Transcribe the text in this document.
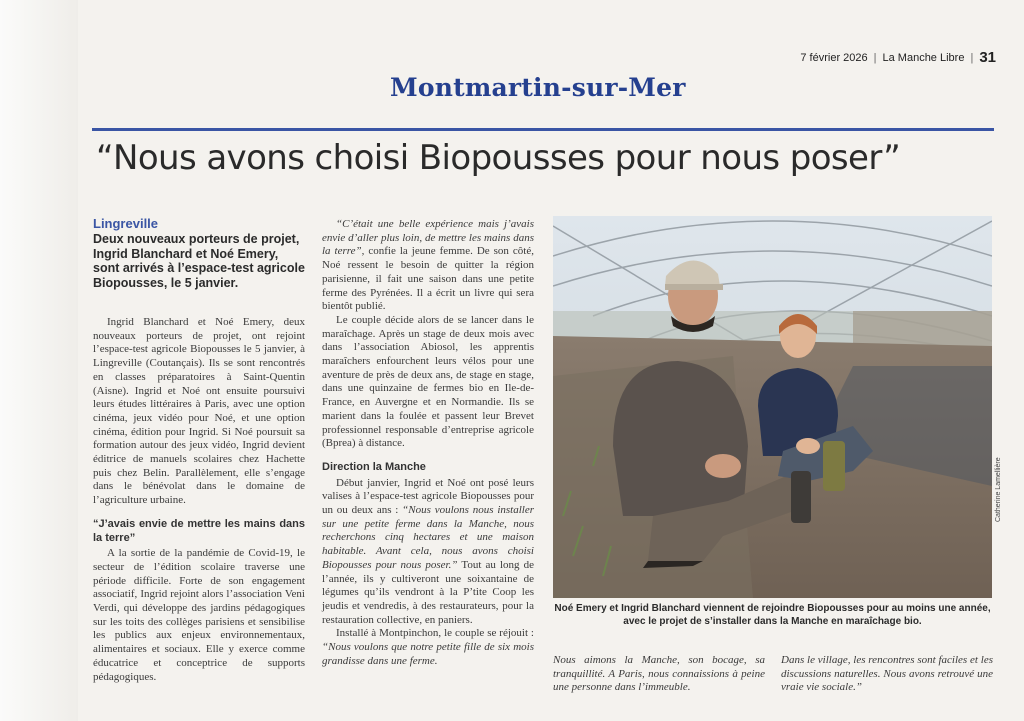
7 février 2026 | La Manche Libre | 31
Montmartin-sur-Mer
“Nous avons choisi Biopousses pour nous poser”
Lingreville
Deux nouveaux porteurs de projet, Ingrid Blanchard et Noé Emery, sont arrivés à l’espace-test agricole Biopousses, le 5 janvier.

Ingrid Blanchard et Noé Emery, deux nouveaux porteurs de projet, ont rejoint l’espace-test agricole Biopousses le 5 janvier, à Lingreville (Coutançais). Ils se sont rencontrés en classes préparatoires à Saint-Quentin (Aisne). Ingrid et Noé ont ensuite poursuivi leurs études littéraires à Paris, avec une option cinéma, jeux vidéo pour Noé, et une option cinéma, édition pour Ingrid. Si Noé poursuit sa formation autour des jeux vidéo, Ingrid devient éditrice de manuels scolaires chez Hachette puis chez Belin. Parallèlement, elle s’engage dans le bénévolat dans le domaine de l’agriculture urbaine.

“J’avais envie de mettre les mains dans la terre”

A la sortie de la pandémie de Covid-19, le secteur de l’édition scolaire traverse une période difficile. Forte de son engagement associatif, Ingrid rejoint alors l’association Veni Verdi, qui développe des jardins pédagogiques sur les toits des collèges parisiens et sensibilise les publics aux enjeux environnementaux, alimentaires et sociaux. Elle y exerce comme éducatrice et conceptrice de supports pédagogiques.

“C’était une belle expérience mais j’avais envie d’aller plus loin, de mettre les mains dans la terre”, confie la jeune femme. De son côté, Noé ressent le besoin de quitter la région parisienne, il fait une saison dans une petite ferme des Pyrénées. Il a écrit un livre qui sera bientôt publié.

Le couple décide alors de se lancer dans le maraîchage. Après un stage de deux mois avec dans l’association Abiosol, les apprentis maraîchers enfourchent leurs vélos pour une aventure de près de deux ans, de stage en stage, dans une quinzaine de fermes bio en Ile-de-France, en Auvergne et en Normandie. Ils se marient dans la foulée et passent leur Brevet professionnel responsable d’entreprise agricole (Bprea) à distance.

Direction la Manche

Début janvier, Ingrid et Noé ont posé leurs valises à l’espace-test agricole Biopousses pour un ou deux ans : “Nous voulons nous installer sur une petite ferme dans la Manche, nous recherchons cinq hectares et une maison habitable. Avant cela, nous avons choisi Biopousses pour nous poser.” Tout au long de l’année, ils y cultiveront une soixantaine de légumes qu’ils vendront à la P’tite Coop les jeudis et vendredis, à des restaurateurs, pour la restauration collective, en paniers.

Installé à Montpinchon, le couple se réjouit : “Nous voulons que notre petite fille de six mois grandisse dans une ferme.

Catherine Lamellière
Noé Emery et Ingrid Blanchard viennent de rejoindre Biopousses pour au moins une année, avec le projet de s’installer dans la Manche en maraîchage bio.

Nous aimons la Manche, son bocage, sa tranquillité. A Paris, nous connaissions à peine une personne dans l’immeuble.

Dans le village, les rencontres sont faciles et les discussions naturelles. Nous avons retrouvé une vraie vie sociale.”
